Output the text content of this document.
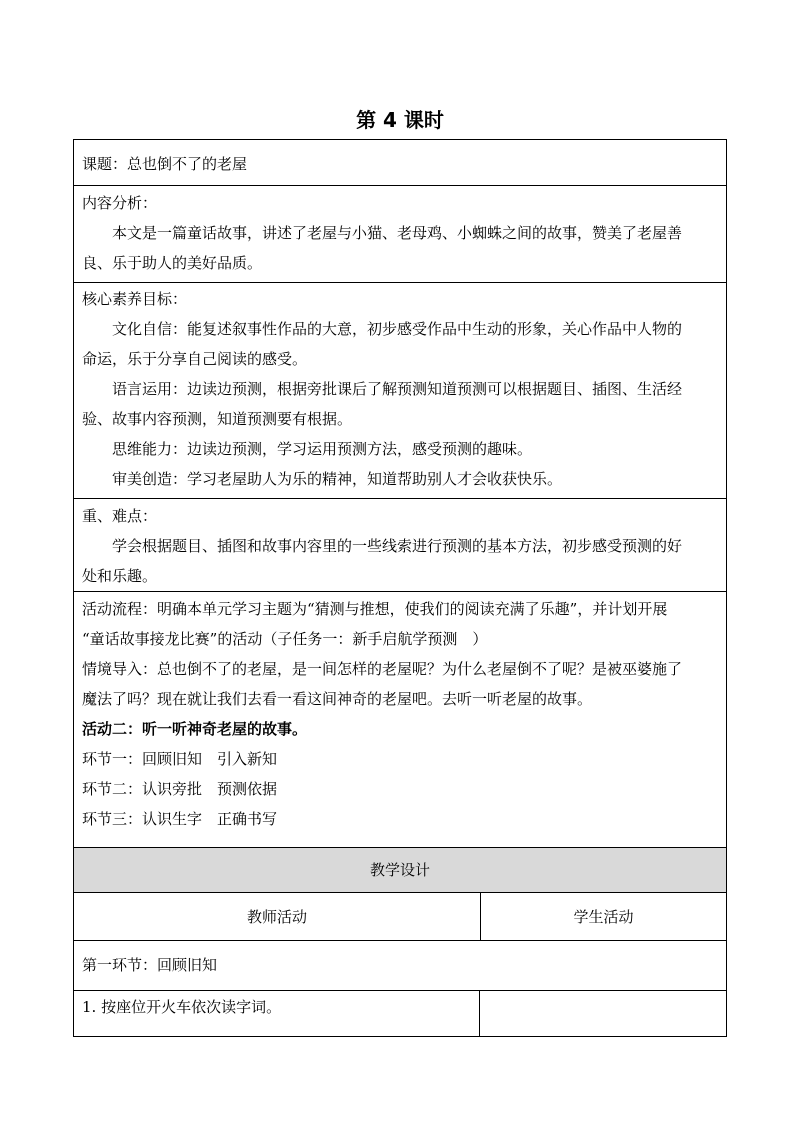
第 4 课时
课题：总也倒不了的老屋
内容分析：
本文是一篇童话故事，讲述了老屋与小猫、老母鸡、小蜘蛛之间的故事，赞美了老屋善
良、乐于助人的美好品质。
核心素养目标：
文化自信：能复述叙事性作品的大意，初步感受作品中生动的形象，关心作品中人物的
命运，乐于分享自己阅读的感受。
语言运用：边读边预测，根据旁批课后了解预测知道预测可以根据题目、插图、生活经
验、故事内容预测，知道预测要有根据。
思维能力：边读边预测，学习运用预测方法，感受预测的趣味。
审美创造：学习老屋助人为乐的精神，知道帮助别人才会收获快乐。
重、难点：
学会根据题目、插图和故事内容里的一些线索进行预测的基本方法，初步感受预测的好
处和乐趣。
活动流程：明确本单元学习主题为“猜测与推想，使我们的阅读充满了乐趣”，并计划开展
“童话故事接龙比赛”的活动（子任务一：新手启航学预测　）
情境导入：总也倒不了的老屋，是一间怎样的老屋呢？为什么老屋倒不了呢？是被巫婆施了
魔法了吗？现在就让我们去看一看这间神奇的老屋吧。去听一听老屋的故事。
活动二：听一听神奇老屋的故事。
环节一：回顾旧知　引入新知
环节二：认识旁批　预测依据
环节三：认识生字　正确书写
教学设计
教师活动	学生活动
第一环节：回顾旧知
1. 按座位开火车依次读字词。
